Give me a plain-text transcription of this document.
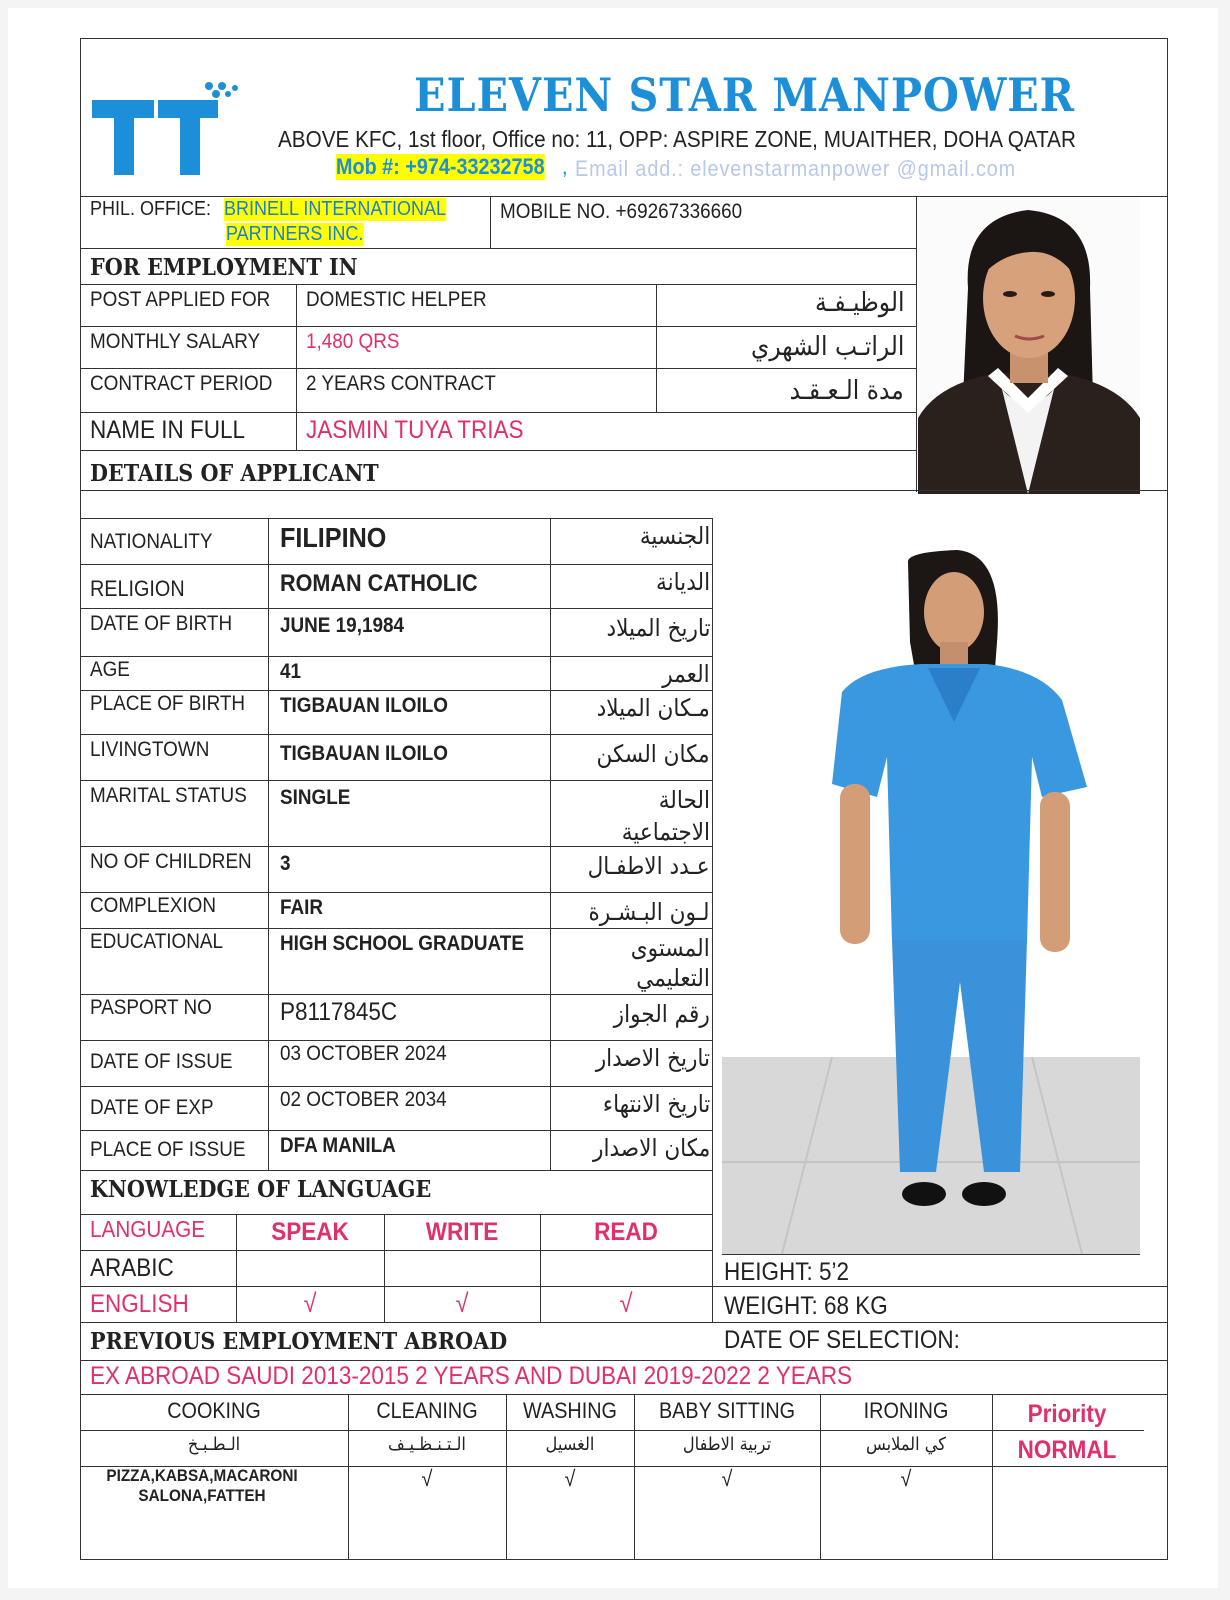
ELEVEN STAR MANPOWER
ABOVE KFC, 1st floor, Office no: 11, OPP: ASPIRE ZONE, MUAITHER, DOHA QATAR
Mob #: +974-33232758 , Email add.: elevenstarmanpower @gmail.com
PHIL. OFFICE: BRINELL INTERNATIONAL
PARTNERS INC.
MOBILE NO. +69267336660
FOR EMPLOYMENT IN
POST APPLIED FOR DOMESTIC HELPER	الوظيـفـة
MONTHLY SALARY 1,480 QRS	الراتـب الشهري
CONTRACT PERIOD 2 YEARS CONTRACT	مدة الـعـقـد
NAME IN FULL JASMIN TUYA TRIAS
DETAILS OF APPLICANT
NATIONALITY FILIPINO	الجنسية
RELIGION	ROMAN CATHOLIC	الديانة
DATE OF BIRTH JUNE 19,1984	تاريخ الميلاد
AGE	41	العمر
PLACE OF BIRTH TIGBAUAN ILOILO	مـكان الميلاد
LIVINGTOWN	TIGBAUAN ILOILO	مكان السكن
MARITAL STATUS SINGLE	الحالة
الاجتماعية
NO OF CHILDREN 3	عـدد الاطفـال
COMPLEXION	FAIR	لـون البـشـرة
EDUCATIONAL	HIGH SCHOOL GRADUATE	المستوى
التعليمي
PASPORT NO	P8117845C	رقم الجواز
DATE OF ISSUE 03 OCTOBER 2024	تاريخ الاصدار
DATE OF EXP	02 OCTOBER 2034	تاريخ الانتهاء
PLACE OF ISSUE DFA MANILA	مكان الاصدار
KNOWLEDGE OF LANGUAGE
LANGUAGE	SPEAK	WRITE	READ
ARABIC
ENGLISH	√	√	√
HEIGHT: 5’2
WEIGHT: 68 KG
DATE OF SELECTION:
PREVIOUS EMPLOYMENT ABROAD
EX ABROAD SAUDI 2013-2015 2 YEARS AND DUBAI 2019-2022 2 YEARS
COOKING	CLEANING	WASHING	BABY SITTING	IRONING	Priority
الـطـبـخ	الـتـنـظـيـف	الغسيل	تربية الاطفال	كي الملابس	NORMAL
PIZZA,KABSA,MACARONI
SALONA,FATTEH
√	√	√	√
